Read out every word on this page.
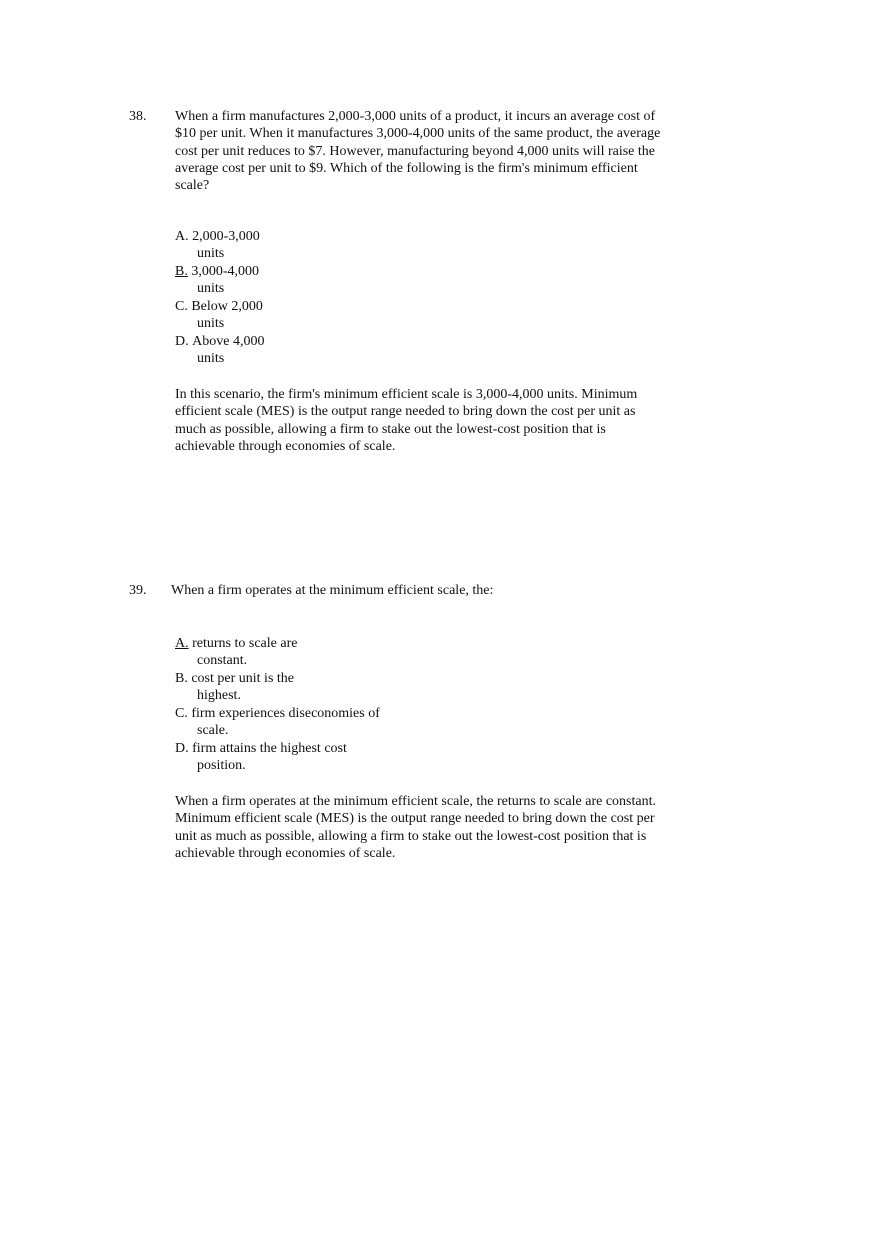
38. When a firm manufactures 2,000-3,000 units of a product, it incurs an average cost of $10 per unit. When it manufactures 3,000-4,000 units of the same product, the average cost per unit reduces to $7. However, manufacturing beyond 4,000 units will raise the average cost per unit to $9. Which of the following is the firm's minimum efficient scale?
A. 2,000-3,000
units
B. 3,000-4,000
units
C. Below 2,000
units
D. Above 4,000
units
In this scenario, the firm's minimum efficient scale is 3,000-4,000 units. Minimum efficient scale (MES) is the output range needed to bring down the cost per unit as much as possible, allowing a firm to stake out the lowest-cost position that is achievable through economies of scale.
39. When a firm operates at the minimum efficient scale, the:
A. returns to scale are
constant.
B. cost per unit is the
highest.
C. firm experiences diseconomies of
scale.
D. firm attains the highest cost
position.
When a firm operates at the minimum efficient scale, the returns to scale are constant. Minimum efficient scale (MES) is the output range needed to bring down the cost per unit as much as possible, allowing a firm to stake out the lowest-cost position that is achievable through economies of scale.
